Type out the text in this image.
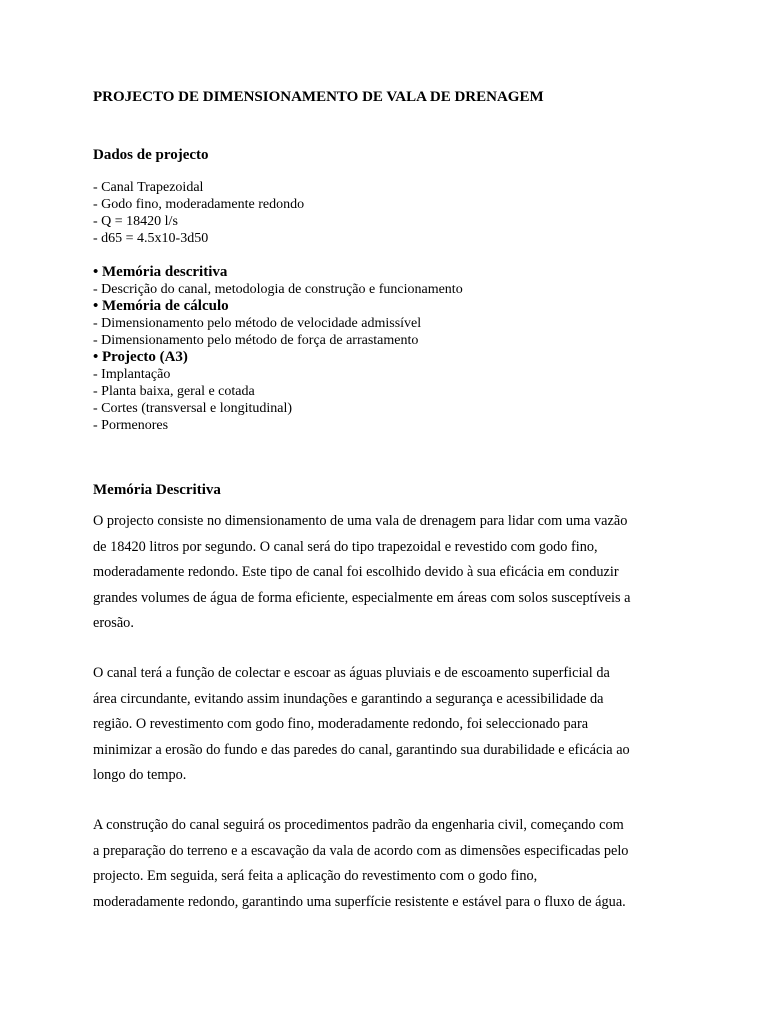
PROJECTO DE DIMENSIONAMENTO DE VALA DE DRENAGEM
Dados de projecto
- Canal Trapezoidal
- Godo fino, moderadamente redondo
- Q = 18420 l/s
- d65 = 4.5x10-3d50
• Memória descritiva
- Descrição do canal, metodologia de construção e funcionamento
• Memória de cálculo
- Dimensionamento pelo método de velocidade admissível
- Dimensionamento pelo método de força de arrastamento
• Projecto (A3)
- Implantação
- Planta baixa, geral e cotada
- Cortes (transversal e longitudinal)
- Pormenores
Memória Descritiva
O projecto consiste no dimensionamento de uma vala de drenagem para lidar com uma vazão
de 18420 litros por segundo. O canal será do tipo trapezoidal e revestido com godo fino,
moderadamente redondo. Este tipo de canal foi escolhido devido à sua eficácia em conduzir
grandes volumes de água de forma eficiente, especialmente em áreas com solos susceptíveis a
erosão.
O canal terá a função de colectar e escoar as águas pluviais e de escoamento superficial da
área circundante, evitando assim inundações e garantindo a segurança e acessibilidade da
região. O revestimento com godo fino, moderadamente redondo, foi seleccionado para
minimizar a erosão do fundo e das paredes do canal, garantindo sua durabilidade e eficácia ao
longo do tempo.
A construção do canal seguirá os procedimentos padrão da engenharia civil, começando com
a preparação do terreno e a escavação da vala de acordo com as dimensões especificadas pelo
projecto. Em seguida, será feita a aplicação do revestimento com o godo fino,
moderadamente redondo, garantindo uma superfície resistente e estável para o fluxo de água.
